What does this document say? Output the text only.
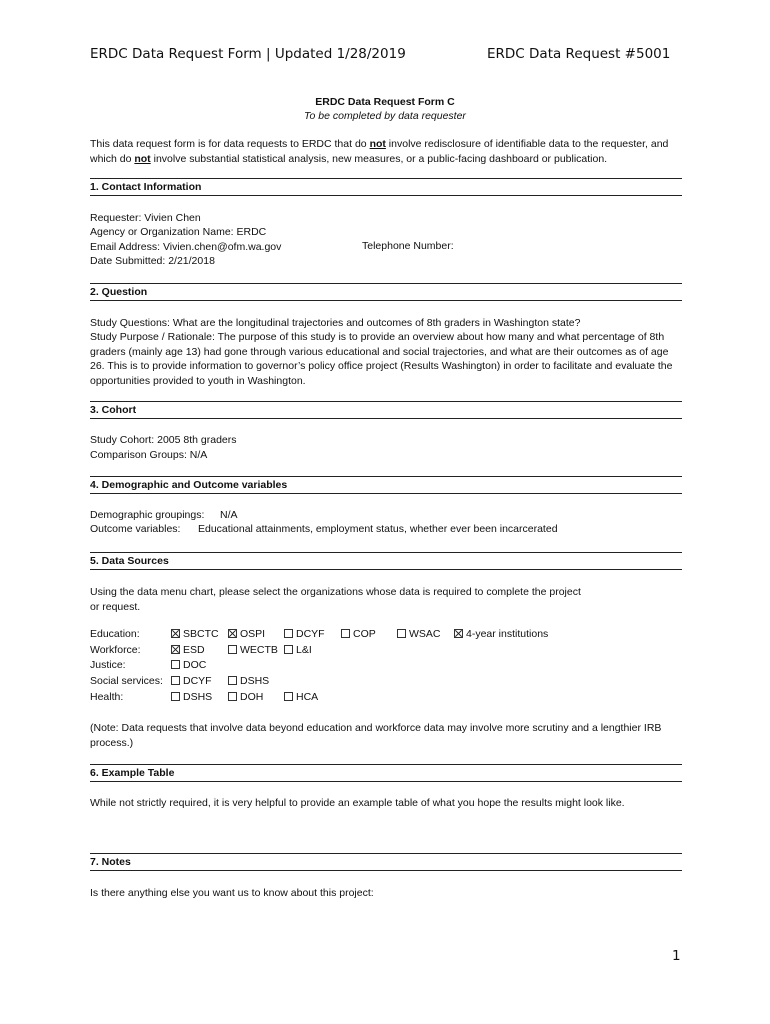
ERDC Data Request Form | Updated 1/28/2019	ERDC Data Request #5001
ERDC Data Request Form C
To be completed by data requester
This data request form is for data requests to ERDC that do not involve redisclosure of identifiable data to the requester, and which do not involve substantial statistical analysis, new measures, or a public-facing dashboard or publication.
1. Contact Information
Requester: Vivien Chen
Agency or Organization Name: ERDC
Email Address: Vivien.chen@ofm.wa.gov	Telephone Number:
Date Submitted: 2/21/2018
2. Question
Study Questions: What are the longitudinal trajectories and outcomes of 8th graders in Washington state?
Study Purpose / Rationale: The purpose of this study is to provide an overview about how many and what percentage of 8th graders (mainly age 13) had gone through various educational and social trajectories, and what are their outcomes as of age 26. This is to provide information to governor’s policy office project (Results Washington) in order to facilitate and evaluate the opportunities provided to youth in Washington.
3. Cohort
Study Cohort: 2005 8th graders
Comparison Groups: N/A
4. Demographic and Outcome variables
Demographic groupings: N/A
Outcome variables: Educational attainments, employment status, whether ever been incarcerated
5. Data Sources
Using the data menu chart, please select the organizations whose data is required to complete the project or request.
Education:	SBCTC	OSPI	DCYF	COP	WSAC	4-year institutions
Workforce:	ESD	WECTB	L&I
Justice:	DOC
Social services:	DCYF	DSHS
Health:	DSHS	DOH	HCA
(Note: Data requests that involve data beyond education and workforce data may involve more scrutiny and a lengthier IRB process.)
6. Example Table
While not strictly required, it is very helpful to provide an example table of what you hope the results might look like.
7. Notes
Is there anything else you want us to know about this project:
1
